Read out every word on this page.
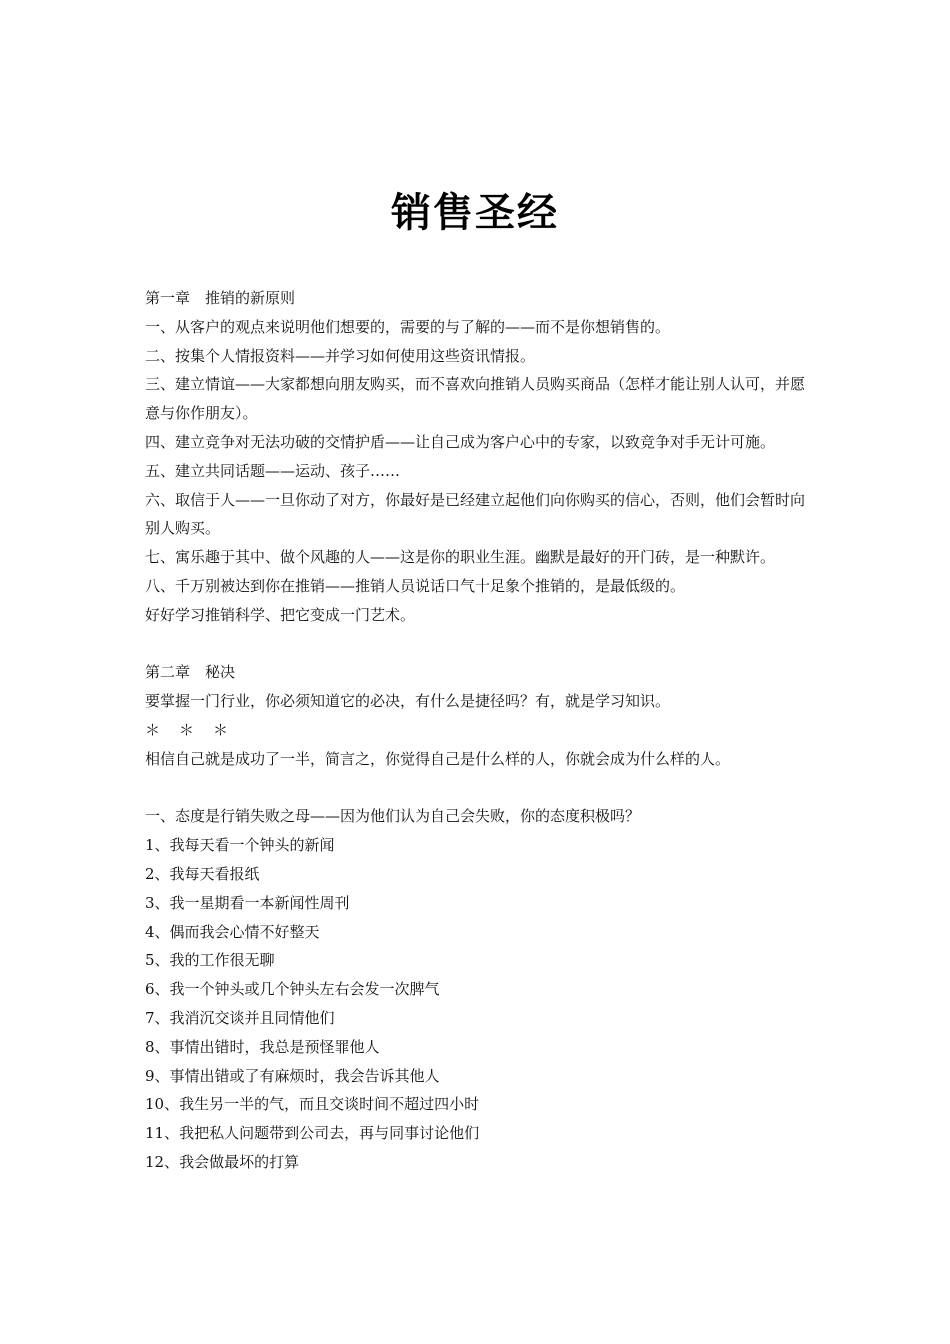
销售圣经
第一章　推销的新原则
一、从客户的观点来说明他们想要的，需要的与了解的——而不是你想销售的。
二、按集个人情报资料——并学习如何使用这些资讯情报。
三、建立情谊——大家都想向朋友购买，而不喜欢向推销人员购买商品（怎样才能让别人认可，并愿意与你作朋友）。
四、建立竞争对无法功破的交情护盾——让自己成为客户心中的专家，以致竞争对手无计可施。
五、建立共同话题——运动、孩子……
六、取信于人——一旦你动了对方，你最好是已经建立起他们向你购买的信心，否则，他们会暂时向别人购买。
七、寓乐趣于其中、做个风趣的人——这是你的职业生涯。幽默是最好的开门砖，是一种默许。
八、千万别被达到你在推销——推销人员说话口气十足象个推销的，是最低级的。
好好学习推销科学、把它变成一门艺术。
第二章　秘决
要掌握一门行业，你必须知道它的必决，有什么是捷径吗？有，就是学习知识。
＊　＊　＊
相信自己就是成功了一半，简言之，你觉得自己是什么样的人，你就会成为什么样的人。
一、态度是行销失败之母——因为他们认为自己会失败，你的态度积极吗？
1、我每天看一个钟头的新闻
2、我每天看报纸
3、我一星期看一本新闻性周刊
4、偶而我会心情不好整天
5、我的工作很无聊
6、我一个钟头或几个钟头左右会发一次脾气
7、我消沉交谈并且同情他们
8、事情出错时，我总是预怪罪他人
9、事情出错或了有麻烦时，我会告诉其他人
10、我生另一半的气，而且交谈时间不超过四小时
11、我把私人问题带到公司去，再与同事讨论他们
12、我会做最坏的打算
